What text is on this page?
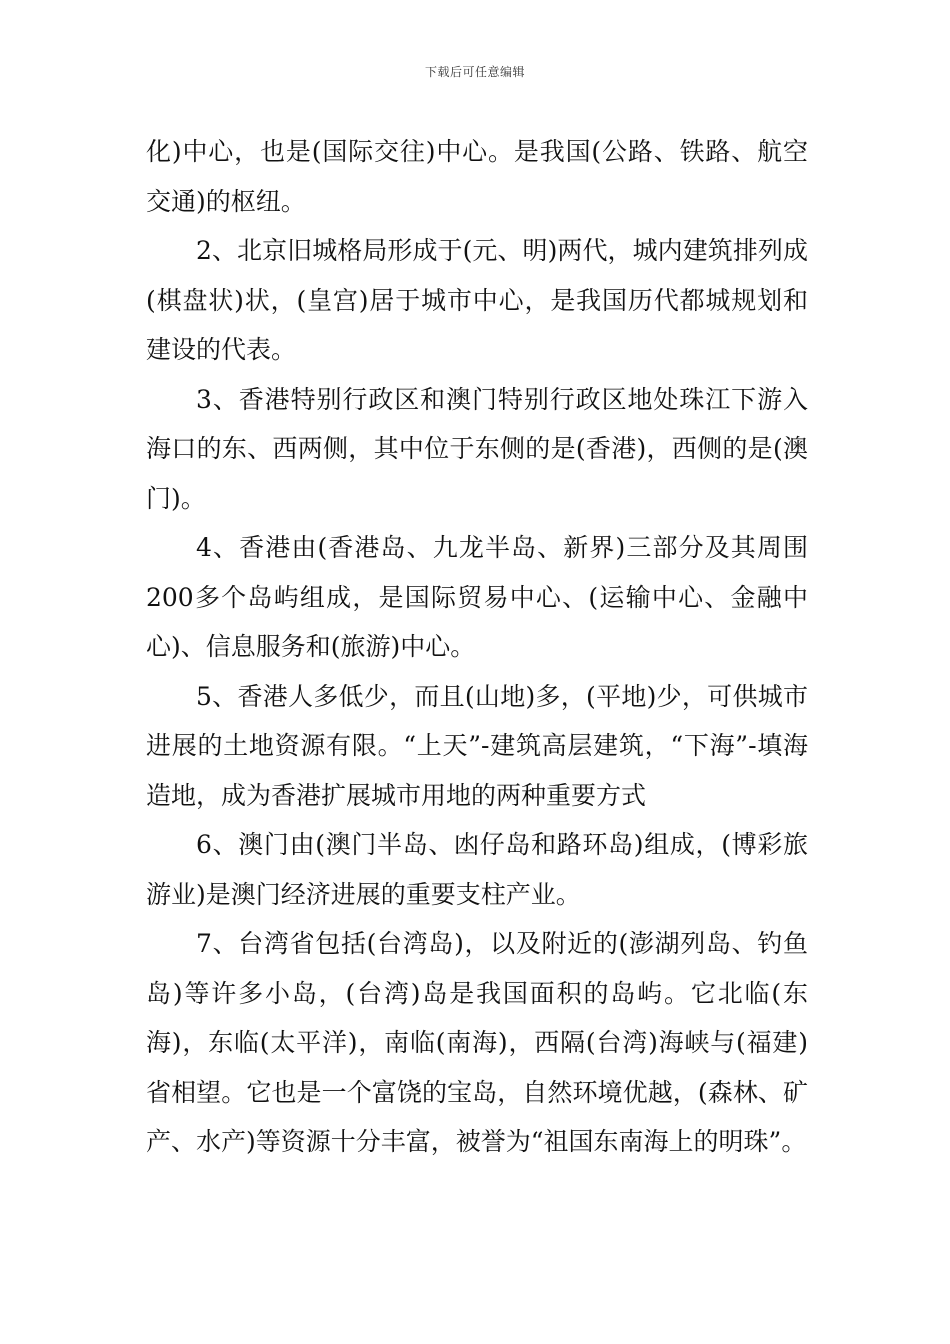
下载后可任意编辑

化)中心，也是(国际交往)中心。是我国(公路、铁路、航空交通)的枢纽。

2、北京旧城格局形成于(元、明)两代，城内建筑排列成(棋盘状)状，(皇宫)居于城市中心，是我国历代都城规划和建设的代表。

3、香港特别行政区和澳门特别行政区地处珠江下游入海口的东、西两侧，其中位于东侧的是(香港)，西侧的是(澳门)。

4、香港由(香港岛、九龙半岛、新界)三部分及其周围200多个岛屿组成，是国际贸易中心、(运输中心、金融中心)、信息服务和(旅游)中心。

5、香港人多低少，而且(山地)多，(平地)少，可供城市进展的土地资源有限。“上天”-建筑高层建筑，“下海”-填海造地，成为香港扩展城市用地的两种重要方式

6、澳门由(澳门半岛、凼仔岛和路环岛)组成，(博彩旅游业)是澳门经济进展的重要支柱产业。

7、台湾省包括(台湾岛)，以及附近的(澎湖列岛、钓鱼岛)等许多小岛，(台湾)岛是我国面积的岛屿。它北临(东海)，东临(太平洋)，南临(南海)，西隔(台湾)海峡与(福建)省相望。它也是一个富饶的宝岛，自然环境优越，(森林、矿产、水产)等资源十分丰富，被誉为“祖国东南海上的明珠”。
